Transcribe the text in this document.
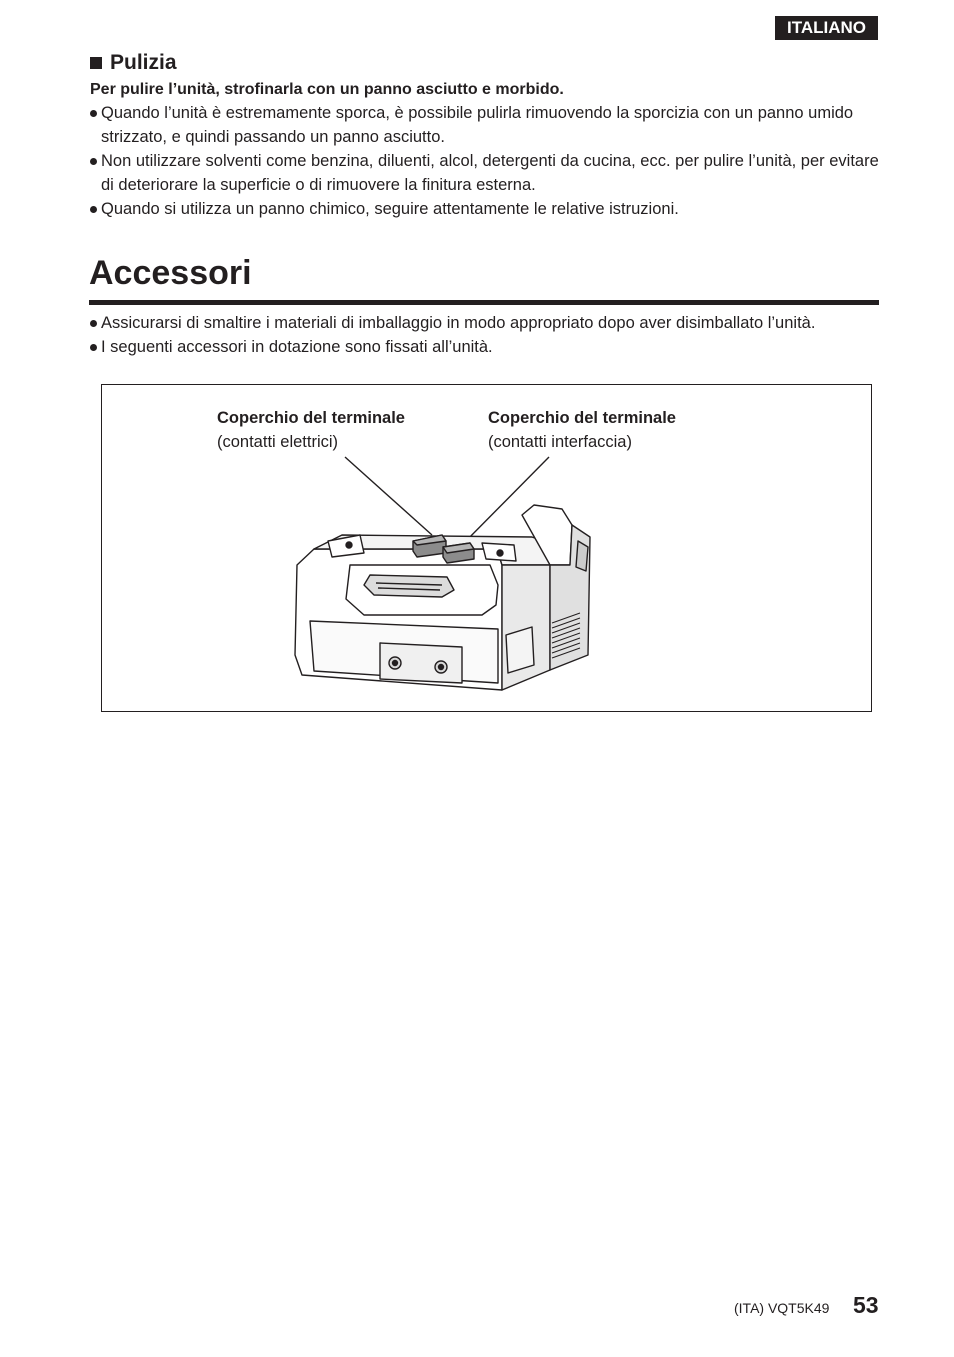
ITALIANO
Pulizia
Per pulire l’unità, strofinarla con un panno asciutto e morbido.
Quando l’unità è estremamente sporca, è possibile pulirla rimuovendo la sporcizia con un panno umido strizzato, e quindi passando un panno asciutto.
Non utilizzare solventi come benzina, diluenti, alcol, detergenti da cucina, ecc. per pulire l’unità, per evitare di deteriorare la superficie o di rimuovere la finitura esterna.
Quando si utilizza un panno chimico, seguire attentamente le relative istruzioni.
Accessori
Assicurarsi di smaltire i materiali di imballaggio in modo appropriato dopo aver disimballato l’unità.
I seguenti accessori in dotazione sono fissati all’unità.
Coperchio del terminale
(contatti elettrici)
Coperchio del terminale
(contatti interfaccia)
(ITA) VQT5K49 53
